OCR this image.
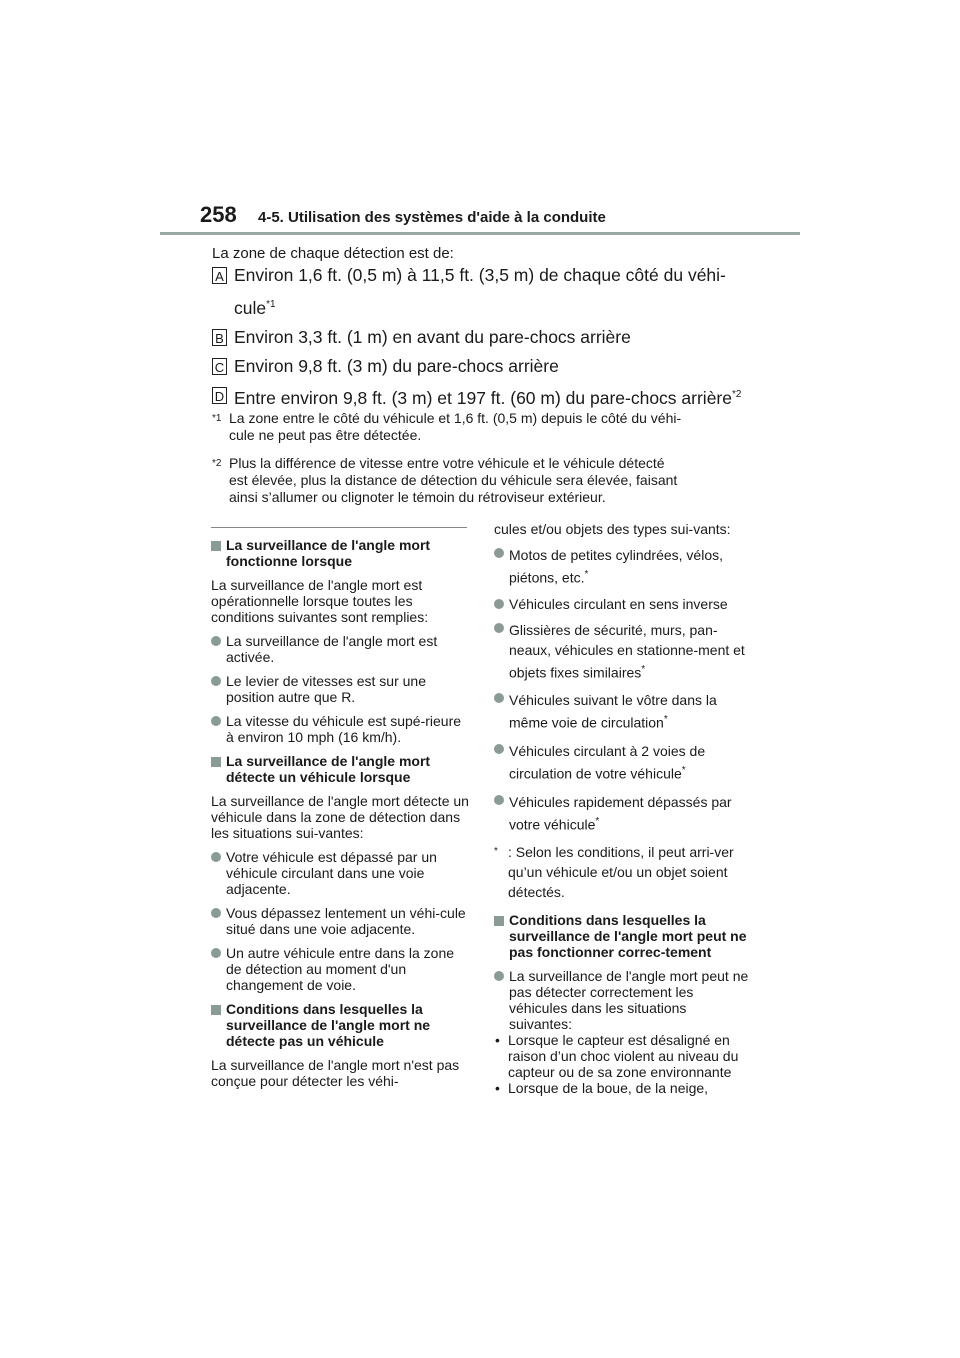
258 4-5. Utilisation des systèmes d'aide à la conduite
La zone de chaque détection est de:
A Environ 1,6 ft. (0,5 m) à 11,5 ft. (3,5 m) de chaque côté du véhi-
cule$^{*1}$
B Environ 3,3 ft. (1 m) en avant du pare-chocs arrière
C Environ 9,8 ft. (3 m) du pare-chocs arrière
D Entre environ 9,8 ft. (3 m) et 197 ft. (60 m) du pare-chocs arrière$^{*2}$
*1 La zone entre le côté du véhicule et 1,6 ft. (0,5 m) depuis le côté du véhi-
cule ne peut pas être détectée.
*2 Plus la différence de vitesse entre votre véhicule et le véhicule détecté
est élevée, plus la distance de détection du véhicule sera élevée, faisant
ainsi s’allumer ou clignoter le témoin du rétroviseur extérieur.
La surveillance de l'angle mort fonctionne lorsque
La surveillance de l'angle mort est opérationnelle lorsque toutes les conditions suivantes sont remplies:
La surveillance de l'angle mort est activée.
Le levier de vitesses est sur une position autre que R.
La vitesse du véhicule est supé-rieure à environ 10 mph (16 km/h).
La surveillance de l'angle mort détecte un véhicule lorsque
La surveillance de l'angle mort détecte un véhicule dans la zone de détection dans les situations sui-vantes:
Votre véhicule est dépassé par un véhicule circulant dans une voie adjacente.
Vous dépassez lentement un véhi-cule situé dans une voie adjacente.
Un autre véhicule entre dans la zone de détection au moment d'un changement de voie.
Conditions dans lesquelles la surveillance de l'angle mort ne détecte pas un véhicule
La surveillance de l'angle mort n'est pas conçue pour détecter les véhi-
cules et/ou objets des types sui-vants:
Motos de petites cylindrées, vélos, piétons, etc.*
Véhicules circulant en sens inverse
Glissières de sécurité, murs, pan-neaux, véhicules en stationne-ment et objets fixes similaires*
Véhicules suivant le vôtre dans la même voie de circulation*
Véhicules circulant à 2 voies de circulation de votre véhicule*
Véhicules rapidement dépassés par votre véhicule*
* : Selon les conditions, il peut arri-ver qu’un véhicule et/ou un objet soient détectés.
Conditions dans lesquelles la surveillance de l'angle mort peut ne pas fonctionner correc-tement
La surveillance de l'angle mort peut ne pas détecter correctement les véhicules dans les situations suivantes:
• Lorsque le capteur est désaligné en raison d’un choc violent au niveau du capteur ou de sa zone environnante
• Lorsque de la boue, de la neige,
